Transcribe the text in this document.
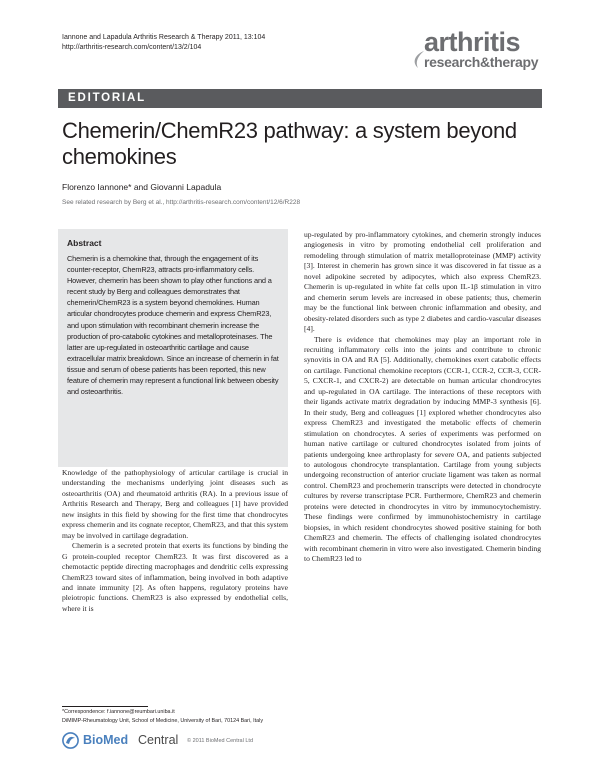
Iannone and Lapadula Arthritis Research & Therapy 2011, 13:104
http://arthritis-research.com/content/13/2/104	arthritis
research&therapy
EDITORIAL
Chemerin/ChemR23 pathway: a system beyond chemokines
Florenzo Iannone* and Giovanni Lapadula
See related research by Berg et al., http://arthritis-research.com/content/12/6/R228
Abstract

Chemerin is a chemokine that, through the engagement of its counter-receptor, ChemR23, attracts pro-inflammatory cells. However, chemerin has been shown to play other functions and a recent study by Berg and colleagues demonstrates that chemerin/ChemR23 is a system beyond chemokines. Human articular chondrocytes produce chemerin and express ChemR23, and upon stimulation with recombinant chemerin increase the production of pro-catabolic cytokines and metalloproteinases. The latter are up-regulated in osteoarthritic cartilage and cause extracellular matrix breakdown. Since an increase of chemerin in fat tissue and serum of obese patients has been reported, this new feature of chemerin may represent a functional link between obesity and osteoarthritis.

Knowledge of the pathophysiology of articular cartilage is crucial in understanding the mechanisms underlying joint diseases such as osteoarthritis (OA) and rheumatoid arthritis (RA). In a previous issue of Arthritis Research and Therapy, Berg and colleagues [1] have provided new insights in this field by showing for the first time that chondrocytes express chemerin and its cognate receptor, ChemR23, and that this system may be involved in cartilage degradation.

Chemerin is a secreted protein that exerts its functions by binding the G protein-coupled receptor ChemR23. It was first discovered as a chemotactic peptide directing macrophages and dendritic cells expressing ChemR23 toward sites of inflammation, being involved in both adaptive and innate immunity [2]. As often happens, regulatory proteins have pleiotropic functions. ChemR23 is also expressed by endothelial cells, where it is

up-regulated by pro-inflammatory cytokines, and chemerin strongly induces angiogenesis in vitro by promoting endothelial cell proliferation and remodeling through stimulation of matrix metalloproteinase (MMP) activity [3]. Interest in chemerin has grown since it was discovered in fat tissue as a novel adipokine secreted by adipocytes, which also express ChemR23. Chemerin is up-regulated in white fat cells upon IL-1β stimulation in vitro and chemerin serum levels are increased in obese patients; thus, chemerin may be the functional link between chronic inflammation and obesity, and obesity-related disorders such as type 2 diabetes and cardio-vascular diseases [4].

There is evidence that chemokines may play an important role in recruiting inflammatory cells into the joints and contribute to chronic synovitis in OA and RA [5]. Additionally, chemokines exert catabolic effects on cartilage. Functional chemokine receptors (CCR-1, CCR-2, CCR-3, CCR-5, CXCR-1, and CXCR-2) are detectable on human articular chondrocytes and up-regulated in OA cartilage. The interactions of these receptors with their ligands activate matrix degradation by inducing MMP-3 synthesis [6]. In their study, Berg and colleagues [1] explored whether chondrocytes also express ChemR23 and investigated the metabolic effects of chemerin stimulation on chondrocytes. A series of experiments was performed on human native cartilage or cultured chondrocytes isolated from joints of patients undergoing knee arthroplasty for severe OA, and patients subjected to autologous chondrocyte transplantation. Cartilage from young subjects undergoing reconstruction of anterior cruciate ligament was taken as normal control. ChemR23 and prochemerin transcripts were detected in chondrocyte cultures by reverse transcriptase PCR. Furthermore, ChemR23 and chemerin proteins were detected in chondrocytes in vitro by immunocytochemistry. These findings were confirmed by immunohistochemistry in cartilage biopsies, in which resident chondrocytes showed positive staining for both ChemR23 and chemerin. The effects of challenging isolated chondrocytes with recombinant chemerin in vitro were also investigated. Chemerin binding to ChemR23 led to

*Correspondence: f.iannone@reumbari.uniba.it
DiMIMP-Rheumatology Unit, School of Medicine, University of Bari, 70124 Bari, Italy
BioMed Central © 2011 BioMed Central Ltd
